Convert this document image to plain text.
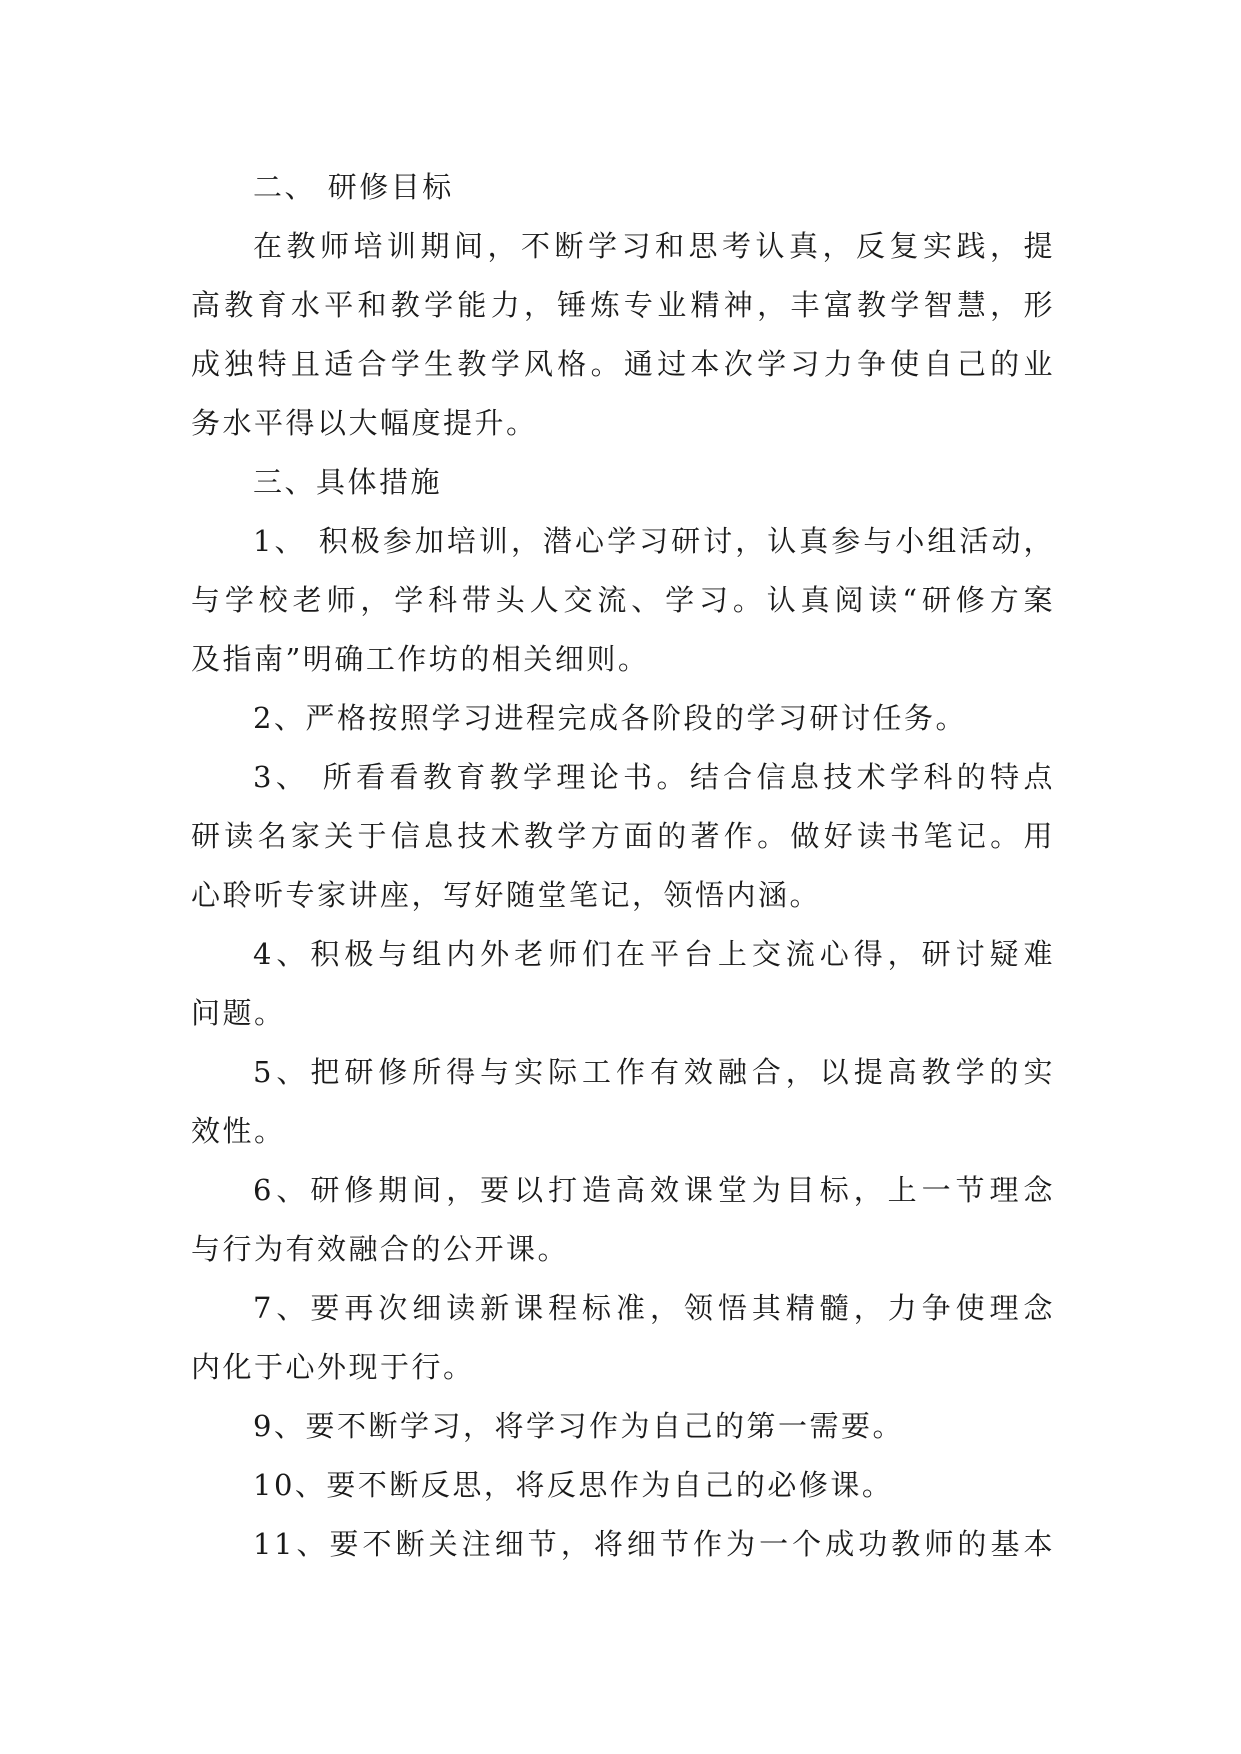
二、 研修目标
在教师培训期间，不断学习和思考认真，反复实践，提
高教育水平和教学能力，锤炼专业精神，丰富教学智慧，形
成独特且适合学生教学风格。通过本次学习力争使自己的业
务水平得以大幅度提升。
三、具体措施
1、 积极参加培训，潜心学习研讨，认真参与小组活动，
与学校老师，学科带头人交流、学习。认真阅读“研修方案
及指南”明确工作坊的相关细则。
2、严格按照学习进程完成各阶段的学习研讨任务。
3、 所看看教育教学理论书。结合信息技术学科的特点
研读名家关于信息技术教学方面的著作。做好读书笔记。用
心聆听专家讲座，写好随堂笔记，领悟内涵。
4、积极与组内外老师们在平台上交流心得，研讨疑难
问题。
5、把研修所得与实际工作有效融合，以提高教学的实
效性。
6、研修期间，要以打造高效课堂为目标，上一节理念
与行为有效融合的公开课。
7、要再次细读新课程标准，领悟其精髓，力争使理念
内化于心外现于行。
9、要不断学习，将学习作为自己的第一需要。
10、要不断反思，将反思作为自己的必修课。
11、要不断关注细节，将细节作为一个成功教师的基本
